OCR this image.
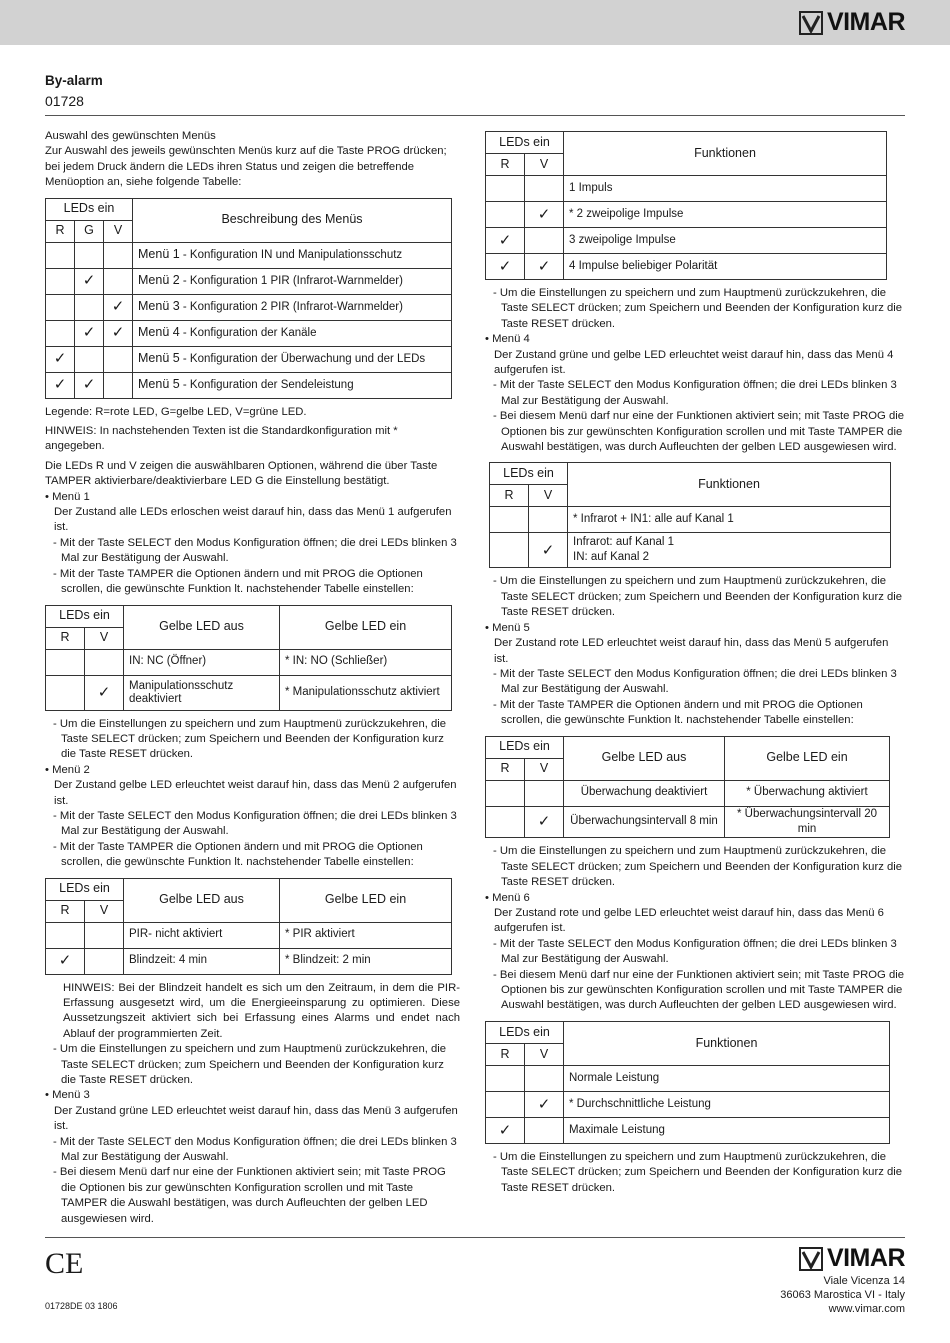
VIMAR
By-alarm
01728

Auswahl des gewünschten Menüs

Zur Auswahl des jeweils gewünschten Menüs kurz auf die Taste PROG drücken; bei jedem Druck ändern die LEDs ihren Status und zeigen die betreffende Menüoption an, siehe folgende Tabelle:

LEDs ein			Beschreibung des Menüs
R	G	V	
			Menü 1 - Konfiguration IN und Manipulationsschutz
	✓		Menü 2 - Konfiguration 1 PIR (Infrarot-Warnmelder)
		✓	Menü 3 - Konfiguration 2 PIR (Infrarot-Warnmelder)
	✓	✓	Menü 4 - Konfiguration der Kanäle
✓			Menü 5 - Konfiguration der Überwachung und der LEDs
✓	✓		Menü 5 - Konfiguration der Sendeleistung

Legende: R=rote LED, G=gelbe LED, V=grüne LED.

HINWEIS: In nachstehenden Texten ist die Standardkonfiguration mit * angegeben.

Die LEDs R und V zeigen die auswählbaren Optionen, während die über Taste TAMPER aktivierbare/deaktivierbare LED G die Einstellung bestätigt.

• Menü 1

Der Zustand alle LEDs erloschen weist darauf hin, dass das Menü 1 aufgerufen ist.

- Mit der Taste SELECT den Modus Konfiguration öffnen; die drei LEDs blinken 3 Mal zur Bestätigung der Auswahl.

- Mit der Taste TAMPER die Optionen ändern und mit PROG die Optionen scrollen, die gewünschte Funktion lt. nachstehender Tabelle einstellen:

LEDs ein		Gelbe LED aus	Gelbe LED ein
R	V		
		IN: NC (Öffner)	* IN: NO (Schließer)
	✓	Manipulationsschutz deaktiviert	* Manipulationsschutz aktiviert

- Um die Einstellungen zu speichern und zum Hauptmenü zurückzukehren, die Taste SELECT drücken; zum Speichern und Beenden der Konfiguration kurz die Taste RESET drücken.

• Menü 2

Der Zustand gelbe LED erleuchtet weist darauf hin, dass das Menü 2 aufgerufen ist.

- Mit der Taste SELECT den Modus Konfiguration öffnen; die drei LEDs blinken 3 Mal zur Bestätigung der Auswahl.

- Mit der Taste TAMPER die Optionen ändern und mit PROG die Optionen scrollen, die gewünschte Funktion lt. nachstehender Tabelle einstellen:

LEDs ein		Gelbe LED aus	Gelbe LED ein
R	V		
		PIR- nicht aktiviert	* PIR aktiviert
✓		Blindzeit: 4 min	* Blindzeit: 2 min

HINWEIS: Bei der Blindzeit handelt es sich um den Zeitraum, in dem die PIR-Erfassung ausgesetzt wird, um die Energieeinsparung zu optimieren. Diese Aussetzungszeit aktiviert sich bei Erfassung eines Alarms und endet nach Ablauf der programmierten Zeit.

- Um die Einstellungen zu speichern und zum Hauptmenü zurückzukehren, die Taste SELECT drücken; zum Speichern und Beenden der Konfiguration kurz die Taste RESET drücken.

• Menü 3

Der Zustand grüne LED erleuchtet weist darauf hin, dass das Menü 3 aufgerufen ist.

- Mit der Taste SELECT den Modus Konfiguration öffnen; die drei LEDs blinken 3 Mal zur Bestätigung der Auswahl.

- Bei diesem Menü darf nur eine der Funktionen aktiviert sein; mit Taste PROG die Optionen bis zur gewünschten Konfiguration scrollen und mit Taste TAMPER die Auswahl bestätigen, was durch Aufleuchten der gelben LED ausgewiesen wird.

LEDs ein		Funktionen
R	V	
		1 Impuls
	✓	* 2 zweipolige Impulse
✓		3 zweipolige Impulse
✓	✓	4 Impulse beliebiger Polarität

- Um die Einstellungen zu speichern und zum Hauptmenü zurückzukehren, die Taste SELECT drücken; zum Speichern und Beenden der Konfiguration kurz die Taste RESET drücken.

• Menü 4

Der Zustand grüne und gelbe LED erleuchtet weist darauf hin, dass das Menü 4 aufgerufen ist.

- Mit der Taste SELECT den Modus Konfiguration öffnen; die drei LEDs blinken 3 Mal zur Bestätigung der Auswahl.

- Bei diesem Menü darf nur eine der Funktionen aktiviert sein; mit Taste PROG die Optionen bis zur gewünschten Konfiguration scrollen und mit Taste TAMPER die Auswahl bestätigen, was durch Aufleuchten der gelben LED ausgewiesen wird.

LEDs ein		Funktionen
R	V	
		* Infrarot + IN1: alle auf Kanal 1
	✓	Infrarot: auf Kanal 1
IN: auf Kanal 2

- Um die Einstellungen zu speichern und zum Hauptmenü zurückzukehren, die Taste SELECT drücken; zum Speichern und Beenden der Konfiguration kurz die Taste RESET drücken.

• Menü 5

Der Zustand rote LED erleuchtet weist darauf hin, dass das Menü 5 aufgerufen ist.

- Mit der Taste SELECT den Modus Konfiguration öffnen; die drei LEDs blinken 3 Mal zur Bestätigung der Auswahl.

- Mit der Taste TAMPER die Optionen ändern und mit PROG die Optionen scrollen, die gewünschte Funktion lt. nachstehender Tabelle einstellen:

LEDs ein		Gelbe LED aus	Gelbe LED ein
R	V		
		Überwachung deaktiviert	* Überwachung aktiviert
	✓	Überwachungsintervall 8 min	* Überwachungsintervall 20 min

- Um die Einstellungen zu speichern und zum Hauptmenü zurückzukehren, die Taste SELECT drücken; zum Speichern und Beenden der Konfiguration kurz die Taste RESET drücken.

• Menü 6

Der Zustand rote und gelbe LED erleuchtet weist darauf hin, dass das Menü 6 aufgerufen ist.

- Mit der Taste SELECT den Modus Konfiguration öffnen; die drei LEDs blinken 3 Mal zur Bestätigung der Auswahl.

- Bei diesem Menü darf nur eine der Funktionen aktiviert sein; mit Taste PROG die Optionen bis zur gewünschten Konfiguration scrollen und mit Taste TAMPER die Auswahl bestätigen, was durch Aufleuchten der gelben LED ausgewiesen wird.

LEDs ein		Funktionen
R	V	
		Normale Leistung
	✓	* Durchschnittliche Leistung
✓		Maximale Leistung

- Um die Einstellungen zu speichern und zum Hauptmenü zurückzukehren, die Taste SELECT drücken; zum Speichern und Beenden der Konfiguration kurz die Taste RESET drücken.

CE
01728DE 03 1806
VIMAR
Viale Vicenza 14
36063 Marostica VI - Italy
www.vimar.com
